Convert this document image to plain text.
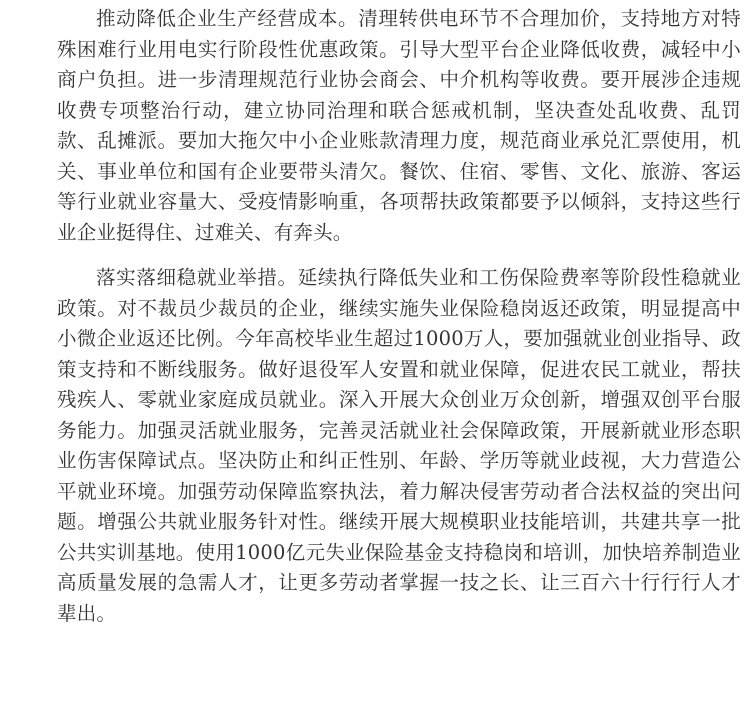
推动降低企业生产经营成本。清理转供电环节不合理加价，支持地方对特殊困难行业用电实行阶段性优惠政策。引导大型平台企业降低收费，减轻中小商户负担。进一步清理规范行业协会商会、中介机构等收费。要开展涉企违规收费专项整治行动，建立协同治理和联合惩戒机制，坚决查处乱收费、乱罚款、乱摊派。要加大拖欠中小企业账款清理力度，规范商业承兑汇票使用，机关、事业单位和国有企业要带头清欠。餐饮、住宿、零售、文化、旅游、客运等行业就业容量大、受疫情影响重，各项帮扶政策都要予以倾斜，支持这些行业企业挺得住、过难关、有奔头。

落实落细稳就业举措。延续执行降低失业和工伤保险费率等阶段性稳就业政策。对不裁员少裁员的企业，继续实施失业保险稳岗返还政策，明显提高中小微企业返还比例。今年高校毕业生超过1000万人，要加强就业创业指导、政策支持和不断线服务。做好退役军人安置和就业保障，促进农民工就业，帮扶残疾人、零就业家庭成员就业。深入开展大众创业万众创新，增强双创平台服务能力。加强灵活就业服务，完善灵活就业社会保障政策，开展新就业形态职业伤害保障试点。坚决防止和纠正性别、年龄、学历等就业歧视，大力营造公平就业环境。加强劳动保障监察执法，着力解决侵害劳动者合法权益的突出问题。增强公共就业服务针对性。继续开展大规模职业技能培训，共建共享一批公共实训基地。使用1000亿元失业保险基金支持稳岗和培训，加快培养制造业高质量发展的急需人才，让更多劳动者掌握一技之长、让三百六十行行行人才辈出。
